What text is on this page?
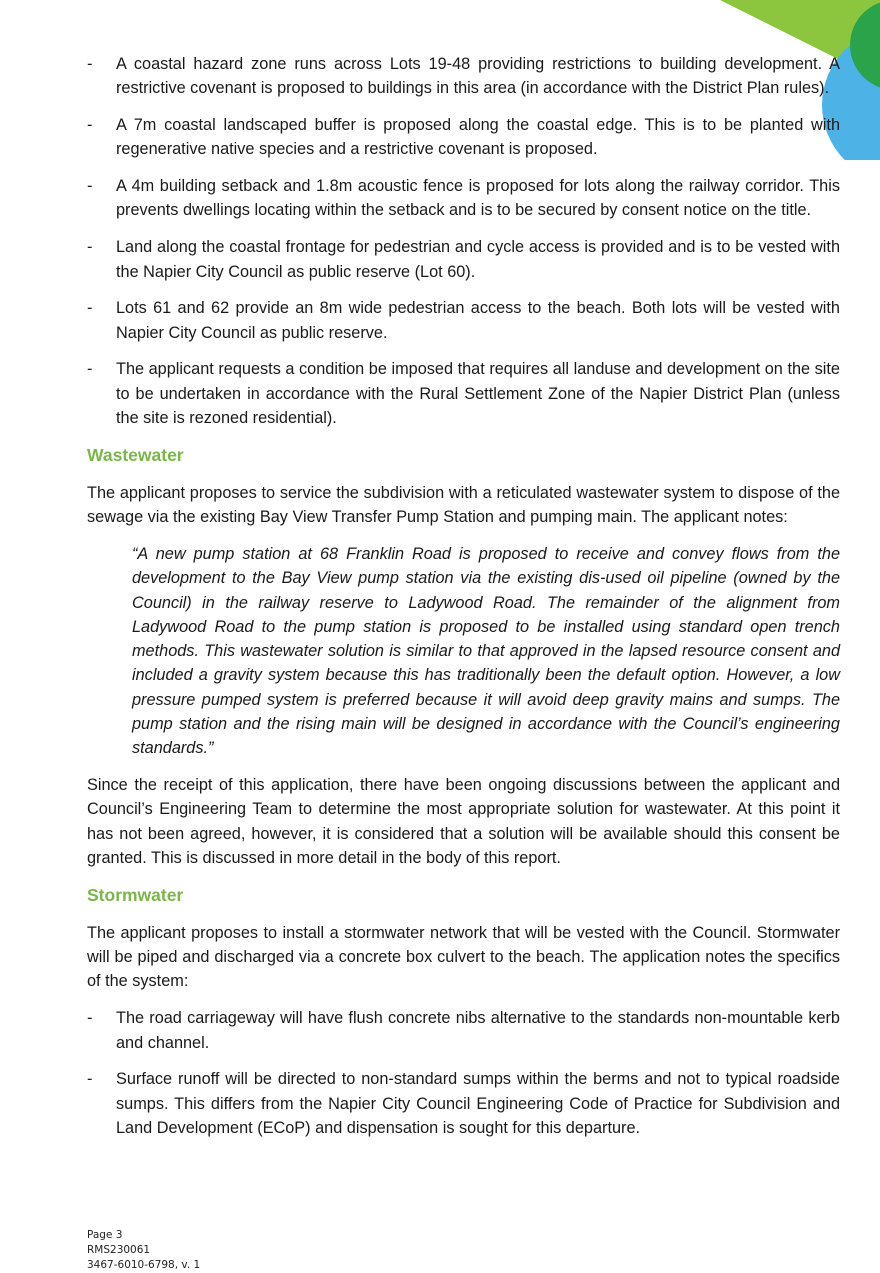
- A coastal hazard zone runs across Lots 19-48 providing restrictions to building development. A restrictive covenant is proposed to buildings in this area (in accordance with the District Plan rules).

- A 7m coastal landscaped buffer is proposed along the coastal edge. This is to be planted with regenerative native species and a restrictive covenant is proposed.

- A 4m building setback and 1.8m acoustic fence is proposed for lots along the railway corridor. This prevents dwellings locating within the setback and is to be secured by consent notice on the title.

- Land along the coastal frontage for pedestrian and cycle access is provided and is to be vested with the Napier City Council as public reserve (Lot 60).

- Lots 61 and 62 provide an 8m wide pedestrian access to the beach. Both lots will be vested with Napier City Council as public reserve.

- The applicant requests a condition be imposed that requires all landuse and development on the site to be undertaken in accordance with the Rural Settlement Zone of the Napier District Plan (unless the site is rezoned residential).

Wastewater

The applicant proposes to service the subdivision with a reticulated wastewater system to dispose of the sewage via the existing Bay View Transfer Pump Station and pumping main. The applicant notes:

“A new pump station at 68 Franklin Road is proposed to receive and convey flows from the development to the Bay View pump station via the existing dis-used oil pipeline (owned by the Council) in the railway reserve to Ladywood Road. The remainder of the alignment from Ladywood Road to the pump station is proposed to be installed using standard open trench methods. This wastewater solution is similar to that approved in the lapsed resource consent and included a gravity system because this has traditionally been the default option. However, a low pressure pumped system is preferred because it will avoid deep gravity mains and sumps. The pump station and the rising main will be designed in accordance with the Council’s engineering standards.”

Since the receipt of this application, there have been ongoing discussions between the applicant and Council’s Engineering Team to determine the most appropriate solution for wastewater. At this point it has not been agreed, however, it is considered that a solution will be available should this consent be granted. This is discussed in more detail in the body of this report.

Stormwater

The applicant proposes to install a stormwater network that will be vested with the Council. Stormwater will be piped and discharged via a concrete box culvert to the beach. The application notes the specifics of the system:

- The road carriageway will have flush concrete nibs alternative to the standards non-mountable kerb and channel.

- Surface runoff will be directed to non-standard sumps within the berms and not to typical roadside sumps. This differs from the Napier City Council Engineering Code of Practice for Subdivision and Land Development (ECoP) and dispensation is sought for this departure.

Page 3
RMS230061
3467-6010-6798, v. 1
